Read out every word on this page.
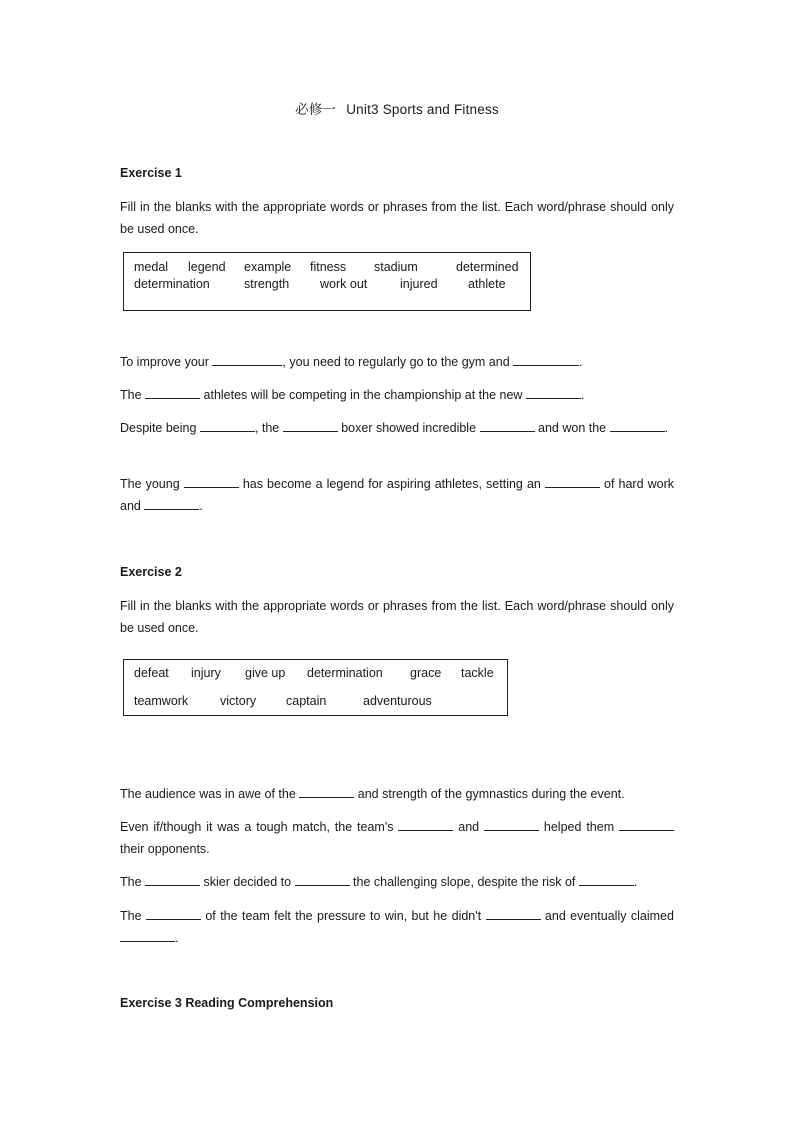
必修一 Unit3 Sports and Fitness
Exercise 1
Fill in the blanks with the appropriate words or phrases from the list. Each word/phrase should only be used once.
medal legend example fitness stadium	determined
determination	strength work out	injured athlete
To improve your	, you need to regularly go to the gym and	.
The	athletes will be competing in the championship at the new	.
Despite being	, the	boxer showed incredible	and won the	.
The young	has become a legend for aspiring athletes, setting an	of hard work and	.
Exercise 2
Fill in the blanks with the appropriate words or phrases from the list. Each word/phrase should only be used once.
defeat injury give up determination grace tackle
teamwork	victory captain	adventurous
The audience was in awe of the	and strength of the gymnastics during the event.
Even if/though it was a tough match, the team's	and	helped them  their opponents.
The	skier decided to	the challenging slope, despite the risk of	.
The	of the team felt the pressure to win, but he didn't	and eventually claimed .
Exercise 3 Reading Comprehension
